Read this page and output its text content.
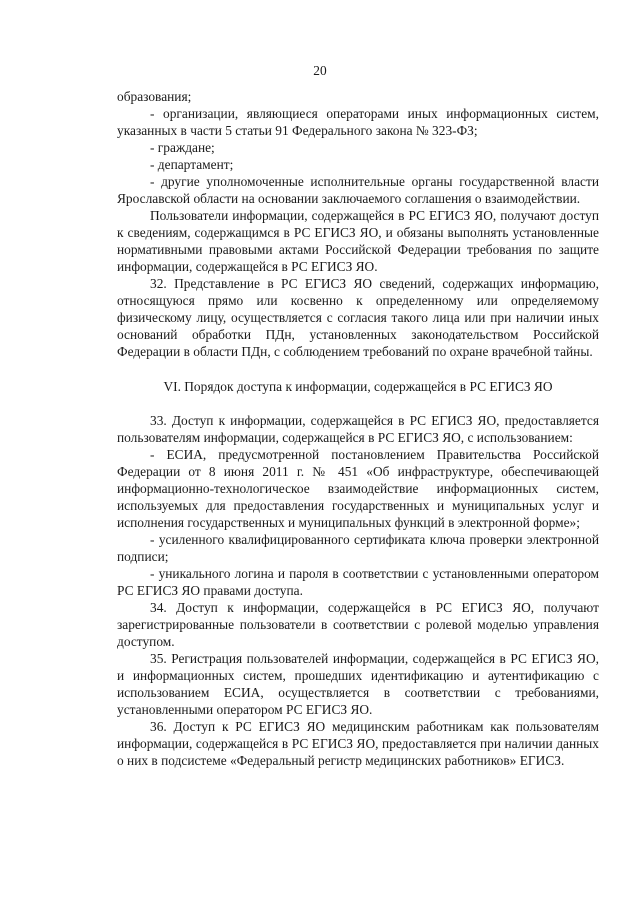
20

образования;

- организации, являющиеся операторами иных информационных систем, указанных в части 5 статьи 91 Федерального закона № 323-ФЗ;

- граждане;

- департамент;

- другие уполномоченные исполнительные органы государственной власти Ярославской области на основании заключаемого соглашения о взаимодействии.

Пользователи информации, содержащейся в РС ЕГИСЗ ЯО, получают доступ к сведениям, содержащимся в РС ЕГИСЗ ЯО, и обязаны выполнять установленные нормативными правовыми актами Российской Федерации требования по защите информации, содержащейся в РС ЕГИСЗ ЯО.

32. Представление в РС ЕГИСЗ ЯО сведений, содержащих информацию, относящуюся прямо или косвенно к определенному или определяемому физическому лицу, осуществляется с согласия такого лица или при наличии иных оснований обработки ПДн, установленных законодательством Российской Федерации в области ПДн, с соблюдением требований по охране врачебной тайны.

VI. Порядок доступа к информации, содержащейся в РС ЕГИСЗ ЯО

33. Доступ к информации, содержащейся в РС ЕГИСЗ ЯО, предоставляется пользователям информации, содержащейся в РС ЕГИСЗ ЯО, с использованием:

- ЕСИА, предусмотренной постановлением Правительства Российской Федерации от 8 июня 2011 г. № 451 «Об инфраструктуре, обеспечивающей информационно-технологическое взаимодействие информационных систем, используемых для предоставления государственных и муниципальных услуг и исполнения государственных и муниципальных функций в электронной форме»;

- усиленного квалифицированного сертификата ключа проверки электронной подписи;

- уникального логина и пароля в соответствии с установленными оператором РС ЕГИСЗ ЯО правами доступа.

34. Доступ к информации, содержащейся в РС ЕГИСЗ ЯО, получают зарегистрированные пользователи в соответствии с ролевой моделью управления доступом.

35. Регистрация пользователей информации, содержащейся в РС ЕГИСЗ ЯО, и информационных систем, прошедших идентификацию и аутентификацию с использованием ЕСИА, осуществляется в соответствии с требованиями, установленными оператором РС ЕГИСЗ ЯО.

36. Доступ к РС ЕГИСЗ ЯО медицинским работникам как пользователям информации, содержащейся в РС ЕГИСЗ ЯО, предоставляется при наличии данных о них в подсистеме «Федеральный регистр медицинских работников» ЕГИСЗ.
